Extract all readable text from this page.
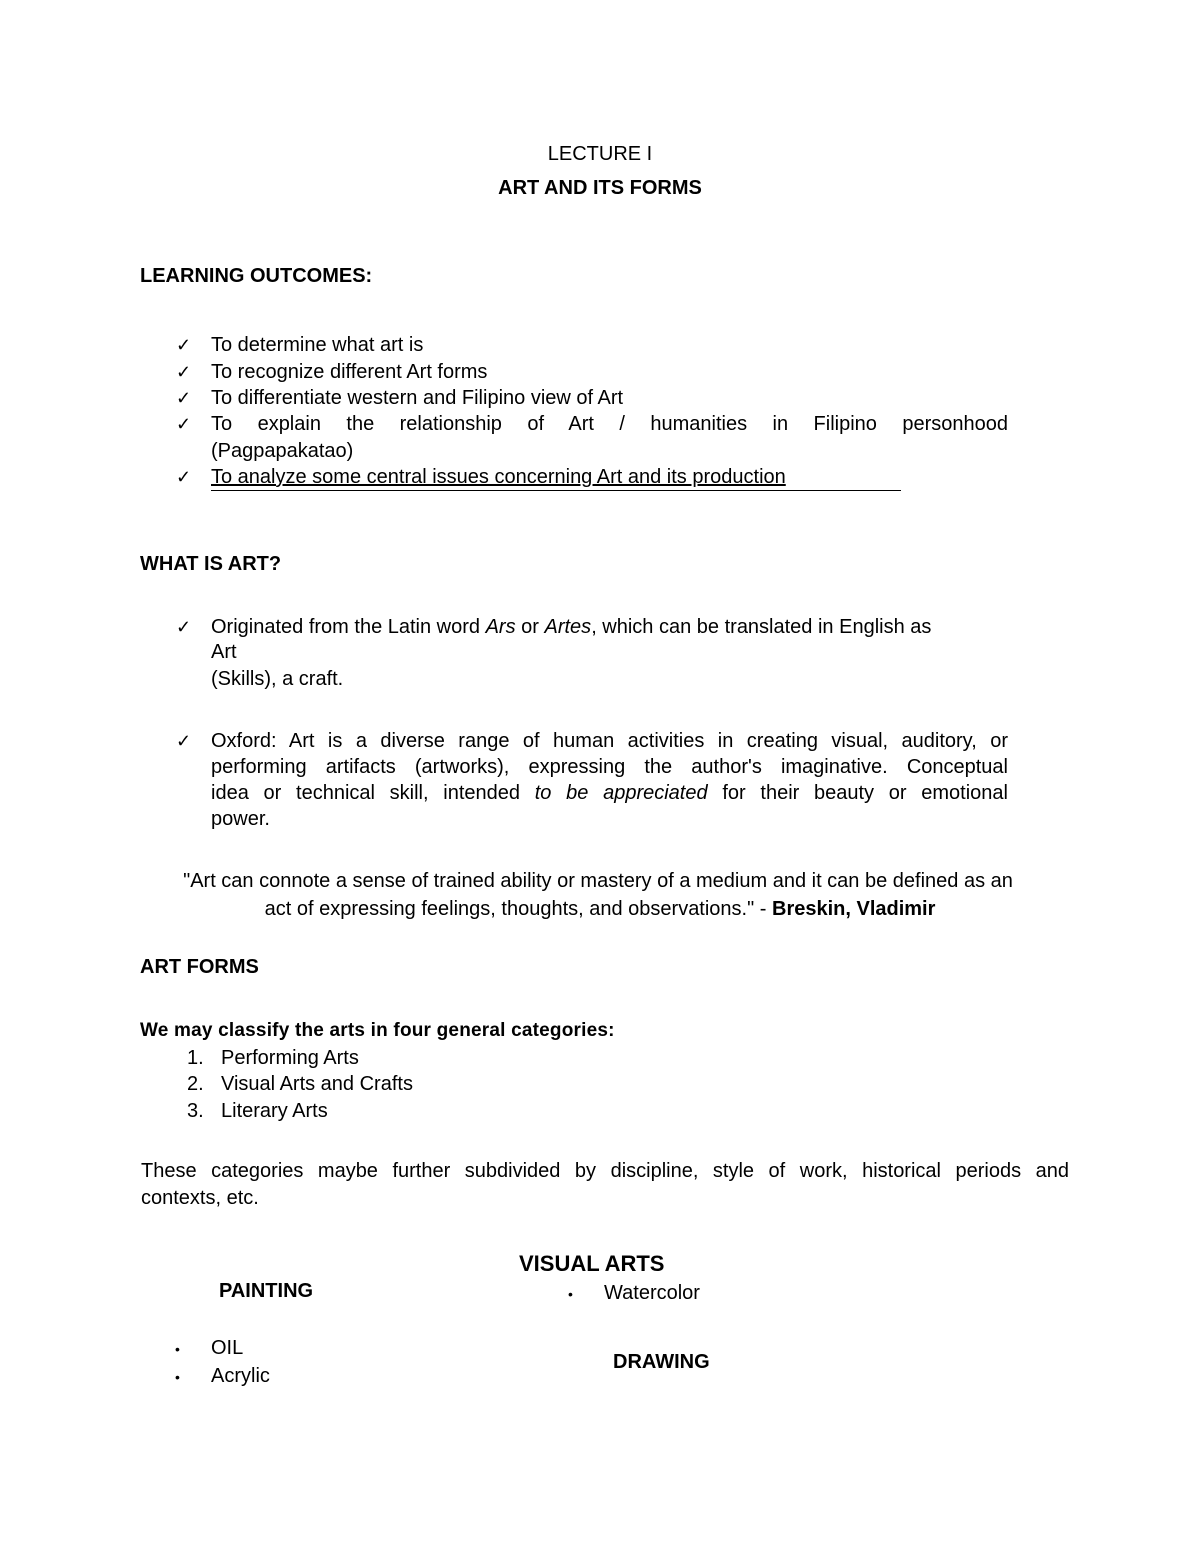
LECTURE I

ART AND ITS FORMS

LEARNING OUTCOMES:

✓ To determine what art is

✓ To recognize different Art forms

✓ To differentiate western and Filipino view of Art

✓ To explain the relationship of Art / humanities in Filipino personhood

(Pagpapakatao)

✓ To analyze some central issues concerning Art and its production

WHAT IS ART?

✓ Originated from the Latin word Ars or Artes, which can be translated in English as

Art

(Skills), a craft.

✓ Oxford: Art is a diverse range of human activities in creating visual, auditory, or

performing artifacts (artworks), expressing the author's imaginative. Conceptual

idea or technical skill, intended to be appreciated for their beauty or emotional

power.

"Art can connote a sense of trained ability or mastery of a medium and it can be defined as an

act of expressing feelings, thoughts, and observations." - Breskin, Vladimir

ART FORMS

We may classify the arts in four general categories:

1. Performing Arts

2. Visual Arts and Crafts

3. Literary Arts

These categories maybe further subdivided by discipline, style of work, historical periods and

contexts, etc.

VISUAL ARTS

PAINTING	• Watercolor

• OIL

• Acrylic

DRAWING
